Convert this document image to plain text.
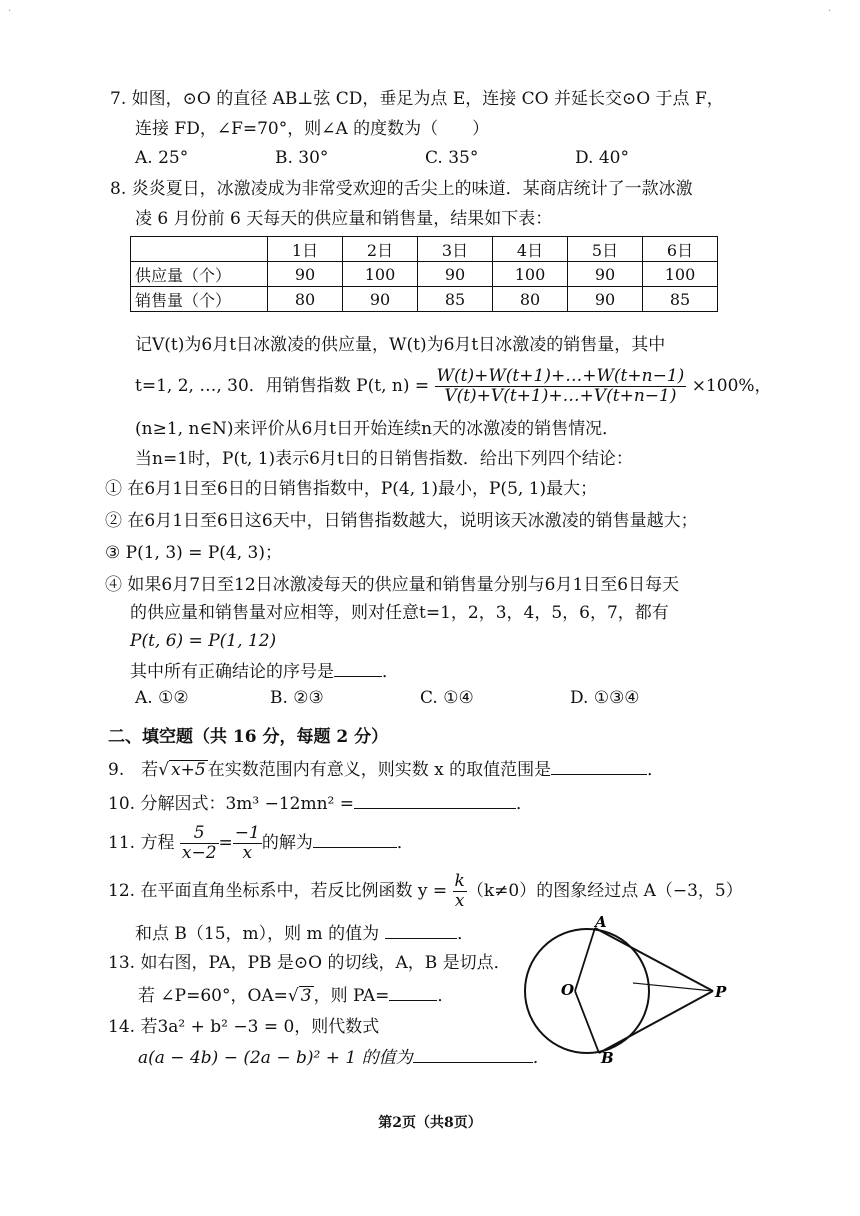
·	·
7. 如图，⊙O 的直径 AB⊥弦 CD，垂足为点 E，连接 CO 并延长交⊙O 于点 F，
连接 FD，∠F=70°，则∠A 的度数为（　　）
A. 25°	B. 30°	C. 35°	D. 40°
8. 炎炎夏日，冰激凌成为非常受欢迎的舌尖上的味道．某商店统计了一款冰激
凌 6 月份前 6 天每天的供应量和销售量，结果如下表：
	1日	2日	3日	4日	5日	6日
供应量（个）	90	100	90	100	90	100
销售量（个）	80	90	85	80	90	85
记V(t)为6月t日冰激凌的供应量，W(t)为6月t日冰激凌的销售量，其中
t=1, 2, …, 30．用销售指数 P(t, $n) = \frac{W(t)+W(t+1)+\dots+W(t+n-1)}{V(t)+V(t+1)+\dots+V(t+n-1)} \times 100\%$，
(n≥1, n∈N)来评价从6月t日开始连续n天的冰激凌的销售情况．
当n=1时，P(t, 1)表示6月t日的日销售指数．给出下列四个结论：
① 在6月1日至6日的日销售指数中，P(4, 1)最小，P(5, 1)最大；
② 在6月1日至6日这6天中，日销售指数越大，说明该天冰激凌的销售量越大；
③ P(1, 3) = P(4, 3)；
④ 如果6月7日至12日冰激凌每天的供应量和销售量分别与6月1日至6日每天
的供应量和销售量对应相等，则对任意t=1，2，3，4，5，6，7，都有
P(t, 6) = P(1, 12)
其中所有正确结论的序号是	．
A. ①②	B. ②③	C. ①④	D. ①③④
二、填空题（共 16 分，每题 2 分）
9.　若√ x+5 在实数范围内有意义，则实数 x 的取值范围是	．
10. 分解因式：3m³ −12mn² =	．
11. 方程 $\frac{5}{x-2} = \frac{-1}{x}$ 的解为	．
12. 在平面直角坐标系中，若反比例函数 $y = \frac{k}{x} (k\ne 0)$的图象经过点 A（−3，5）
和点 B（15，m），则 m 的值为	．
13. 如右图，PA，PB 是⊙O 的切线，A，B 是切点．
若 ∠P=60°，OA=√ 3 ，则 PA=	．
14. 若3a² + b² −3 = 0，则代数式
a(a − 4b) − (2a − b)² + 1 的值为	．
A
O	P
B
第2页（共8页）
